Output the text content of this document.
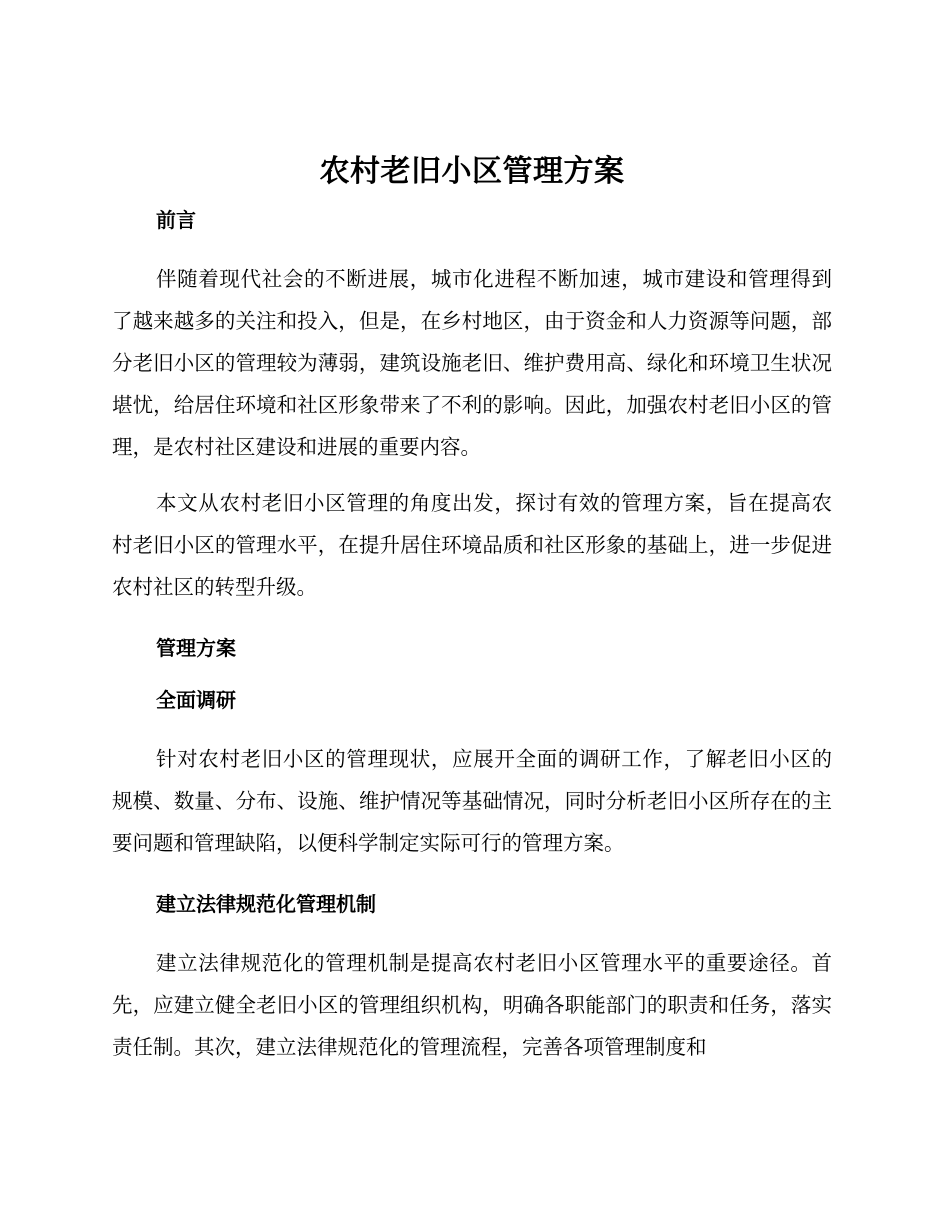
农村老旧小区管理方案
前言

伴随着现代社会的不断进展，城市化进程不断加速，城市建设和管理得到了越来越多的关注和投入，但是，在乡村地区，由于资金和人力资源等问题，部分老旧小区的管理较为薄弱，建筑设施老旧、维护费用高、绿化和环境卫生状况堪忧，给居住环境和社区形象带来了不利的影响。因此，加强农村老旧小区的管理，是农村社区建设和进展的重要内容。

本文从农村老旧小区管理的角度出发，探讨有效的管理方案，旨在提高农村老旧小区的管理水平，在提升居住环境品质和社区形象的基础上，进一步促进农村社区的转型升级。

管理方案
全面调研

针对农村老旧小区的管理现状，应展开全面的调研工作，了解老旧小区的规模、数量、分布、设施、维护情况等基础情况，同时分析老旧小区所存在的主要问题和管理缺陷，以便科学制定实际可行的管理方案。

建立法律规范化管理机制

建立法律规范化的管理机制是提高农村老旧小区管理水平的重要途径。首先，应建立健全老旧小区的管理组织机构，明确各职能部门的职责和任务，落实责任制。其次，建立法律规范化的管理流程，完善各项管理制度和
